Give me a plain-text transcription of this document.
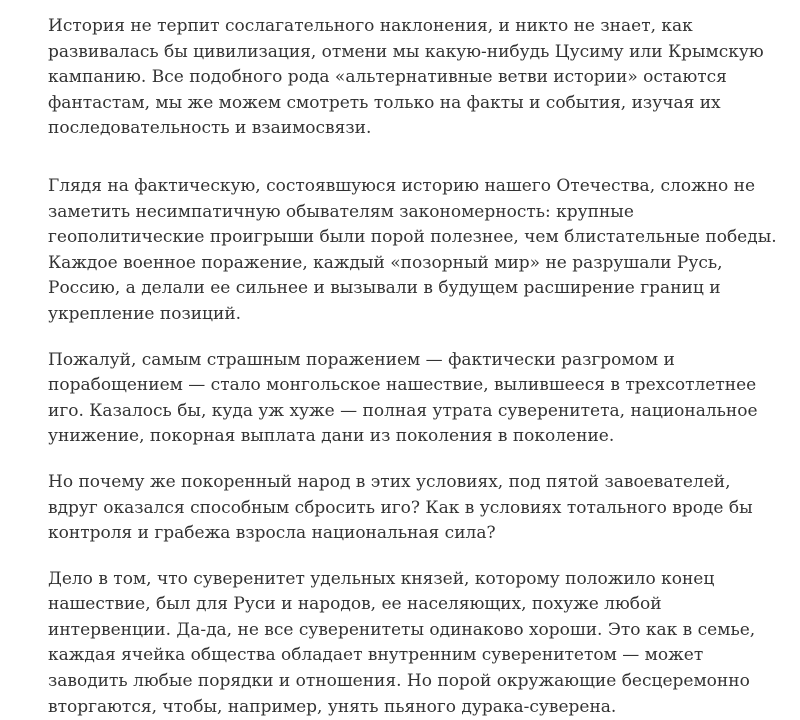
История не терпит сослагательного наклонения, и никто не знает, как развивалась бы цивилизация, отмени мы какую-нибудь Цусиму или Крымскую кампанию. Все подобного рода «альтернативные ветви истории» остаются фантастам, мы же можем смотреть только на факты и события, изучая их последовательность и взаимосвязи.

Глядя на фактическую, состоявшуюся историю нашего Отечества, сложно не заметить несимпатичную обывателям закономерность: крупные геополитические проигрыши были порой полезнее, чем блистательные победы. Каждое военное поражение, каждый «позорный мир» не разрушали Русь, Россию, а делали ее сильнее и вызывали в будущем расширение границ и укрепление позиций.

Пожалуй, самым страшным поражением — фактически разгромом и порабощением — стало монгольское нашествие, вылившееся в трехсотлетнее иго. Казалось бы, куда уж хуже — полная утрата суверенитета, национальное унижение, покорная выплата дани из поколения в поколение.

Но почему же покоренный народ в этих условиях, под пятой завоевателей, вдруг оказался способным сбросить иго? Как в условиях тотального вроде бы контроля и грабежа взросла национальная сила?

Дело в том, что суверенитет удельных князей, которому положило конец нашествие, был для Руси и народов, ее населяющих, похуже любой интервенции. Да-да, не все суверенитеты одинаково хороши. Это как в семье, каждая ячейка общества обладает внутренним суверенитетом — может заводить любые порядки и отношения. Но порой окружающие бесцеремонно вторгаются, чтобы, например, унять пьяного дурака-суверена.
